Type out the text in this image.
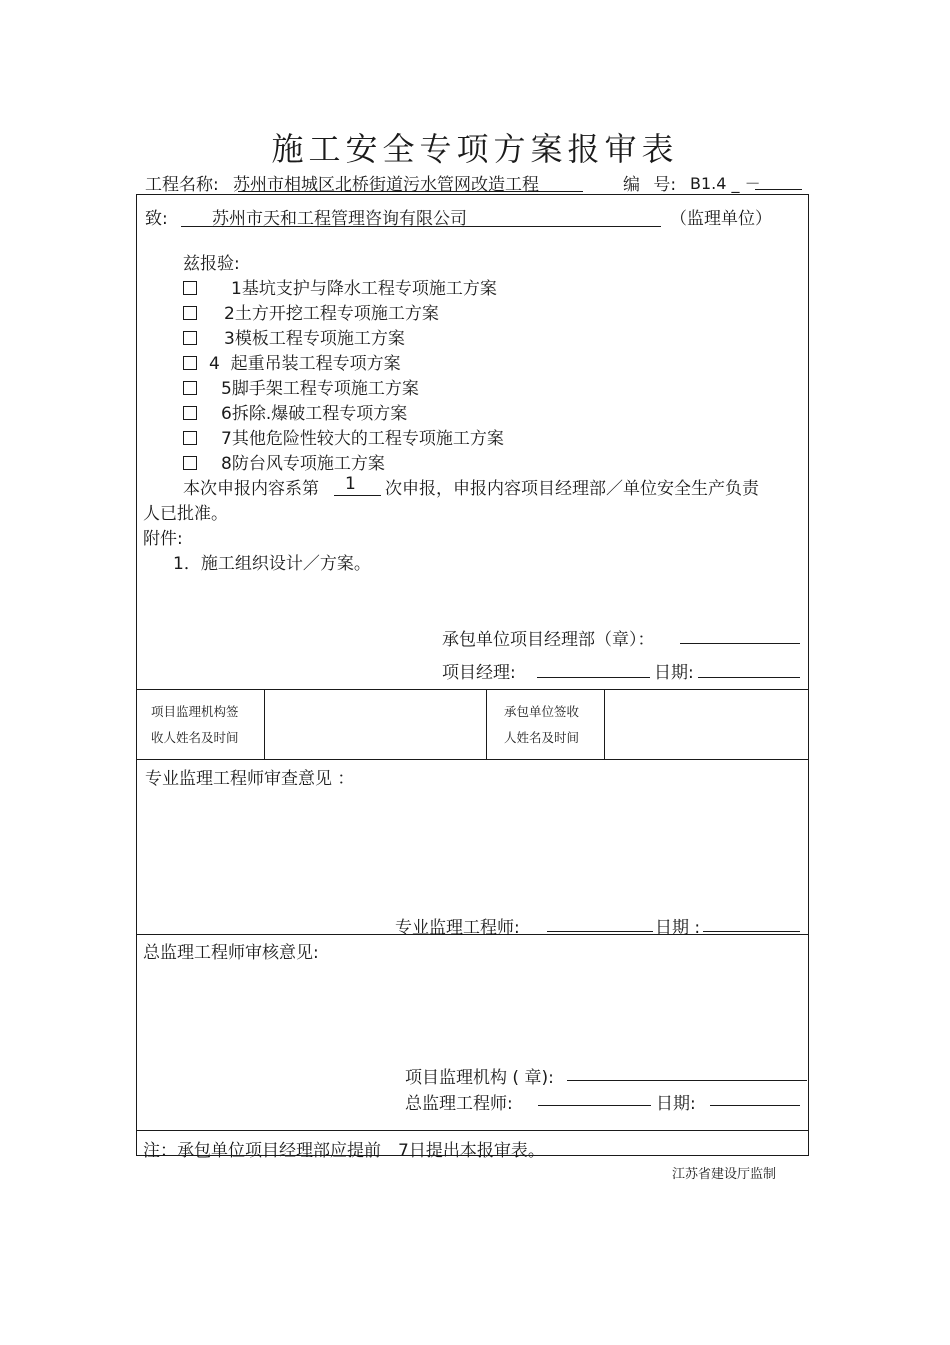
施工安全专项方案报审表
工程名称: 苏州市相城区北桥街道污水管网改造工程	编 号: B1.4 _ －
致:	苏州市天和工程管理咨询有限公司	（监理单位）
兹报验:
1基坑支护与降水工程专项施工方案
2土方开挖工程专项施工方案
3模板工程专项施工方案
4  起重吊装工程专项方案
5脚手架工程专项施工方案
6拆除.爆破工程专项方案
7其他危险性较大的工程专项施工方案
8防台风专项施工方案
本次申报内容系第 1 次申报，申报内容项目经理部／单位安全生产负责
人已批准。
附件:
1．施工组织设计／方案。
承包单位项目经理部（章）：
项目经理:	日期:
项目监理机构签
收人姓名及时间
承包单位签收
人姓名及时间
专业监理工程师审查意见 ：
专业监理工程师:	日期 :
总监理工程师审核意见:
项目监理机构 ( 章):
总监理工程师:	日期:
注：承包单位项目经理部应提前　7日提出本报审表。
江苏省建设厅监制
